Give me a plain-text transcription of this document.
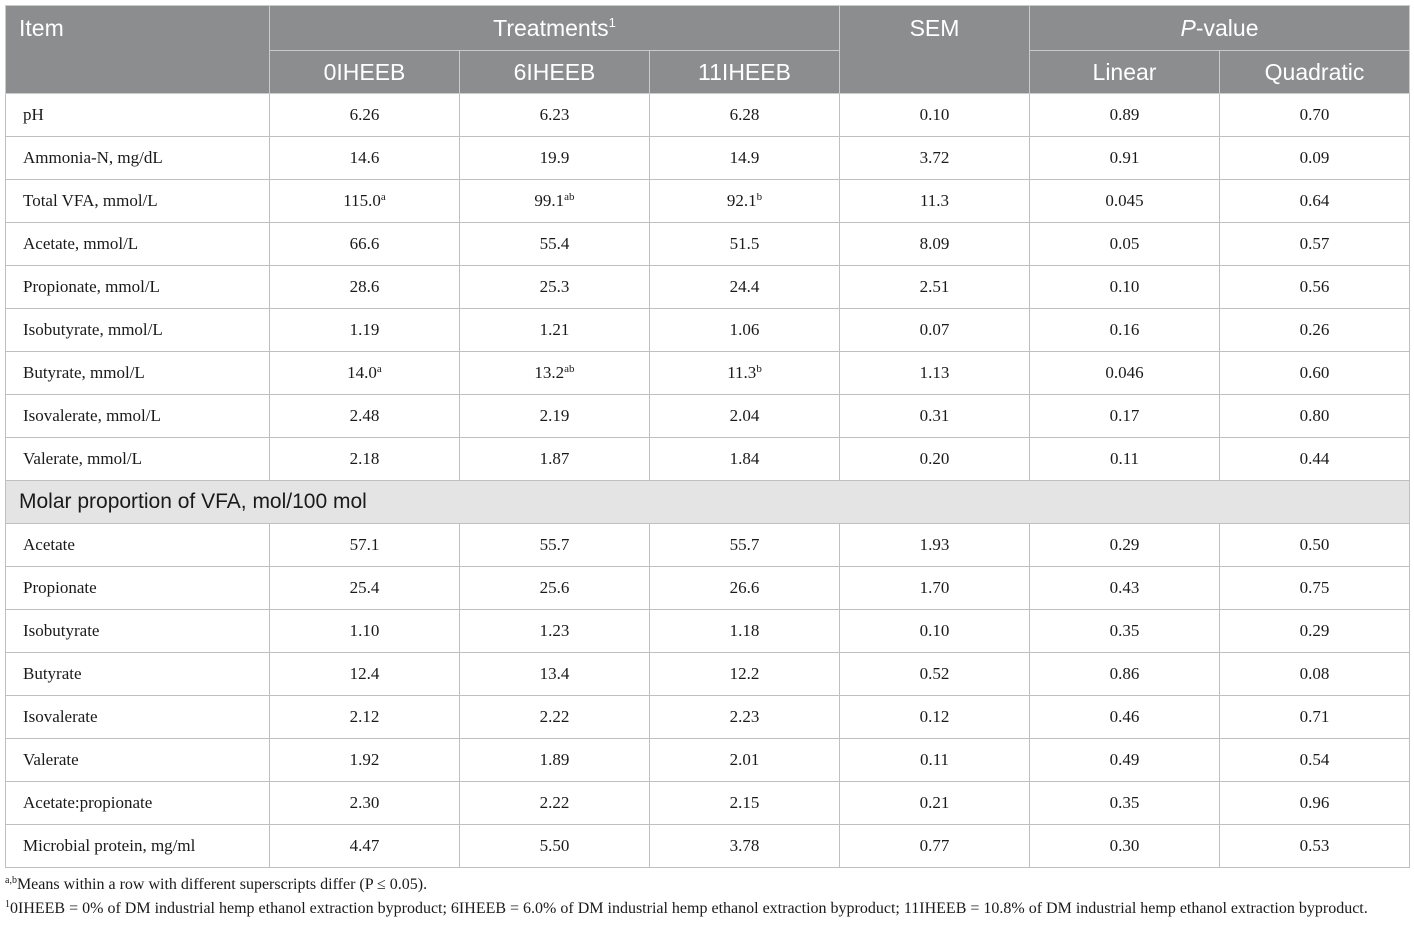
Item	Treatments$^1$			SEM	P-value	
	0IHEEB	6IHEEB	11IHEEB		Linear	Quadratic
pH	6.26	6.23	6.28	0.10	0.89	0.70
Ammonia-N, mg/dL	14.6	19.9	14.9	3.72	0.91	0.09
Total VFA, mmol/L	115.0$^a$	99.1$^{ab}$	92.1$^b$	11.3	0.045	0.64
Acetate, mmol/L	66.6	55.4	51.5	8.09	0.05	0.57
Propionate, mmol/L	28.6	25.3	24.4	2.51	0.10	0.56
Isobutyrate, mmol/L	1.19	1.21	1.06	0.07	0.16	0.26
Butyrate, mmol/L	14.0$^a$	13.2$^{ab}$	11.3$^b$	1.13	0.046	0.60
Isovalerate, mmol/L	2.48	2.19	2.04	0.31	0.17	0.80
Valerate, mmol/L	2.18	1.87	1.84	0.20	0.11	0.44
Molar proportion of VFA, mol/100 mol						
Acetate	57.1	55.7	55.7	1.93	0.29	0.50
Propionate	25.4	25.6	26.6	1.70	0.43	0.75
Isobutyrate	1.10	1.23	1.18	0.10	0.35	0.29
Butyrate	12.4	13.4	12.2	0.52	0.86	0.08
Isovalerate	2.12	2.22	2.23	0.12	0.46	0.71
Valerate	1.92	1.89	2.01	0.11	0.49	0.54
Acetate:propionate	2.30	2.22	2.15	0.21	0.35	0.96
Microbial protein, mg/ml	4.47	5.50	3.78	0.77	0.30	0.53

$^{a,b}$Means within a row with different superscripts differ (P ≤ 0.05).

$^1$0IHEEB = 0% of DM industrial hemp ethanol extraction byproduct; 6IHEEB = 6.0% of DM industrial hemp ethanol extraction byproduct; 11IHEEB = 10.8% of DM industrial hemp ethanol extraction byproduct.
